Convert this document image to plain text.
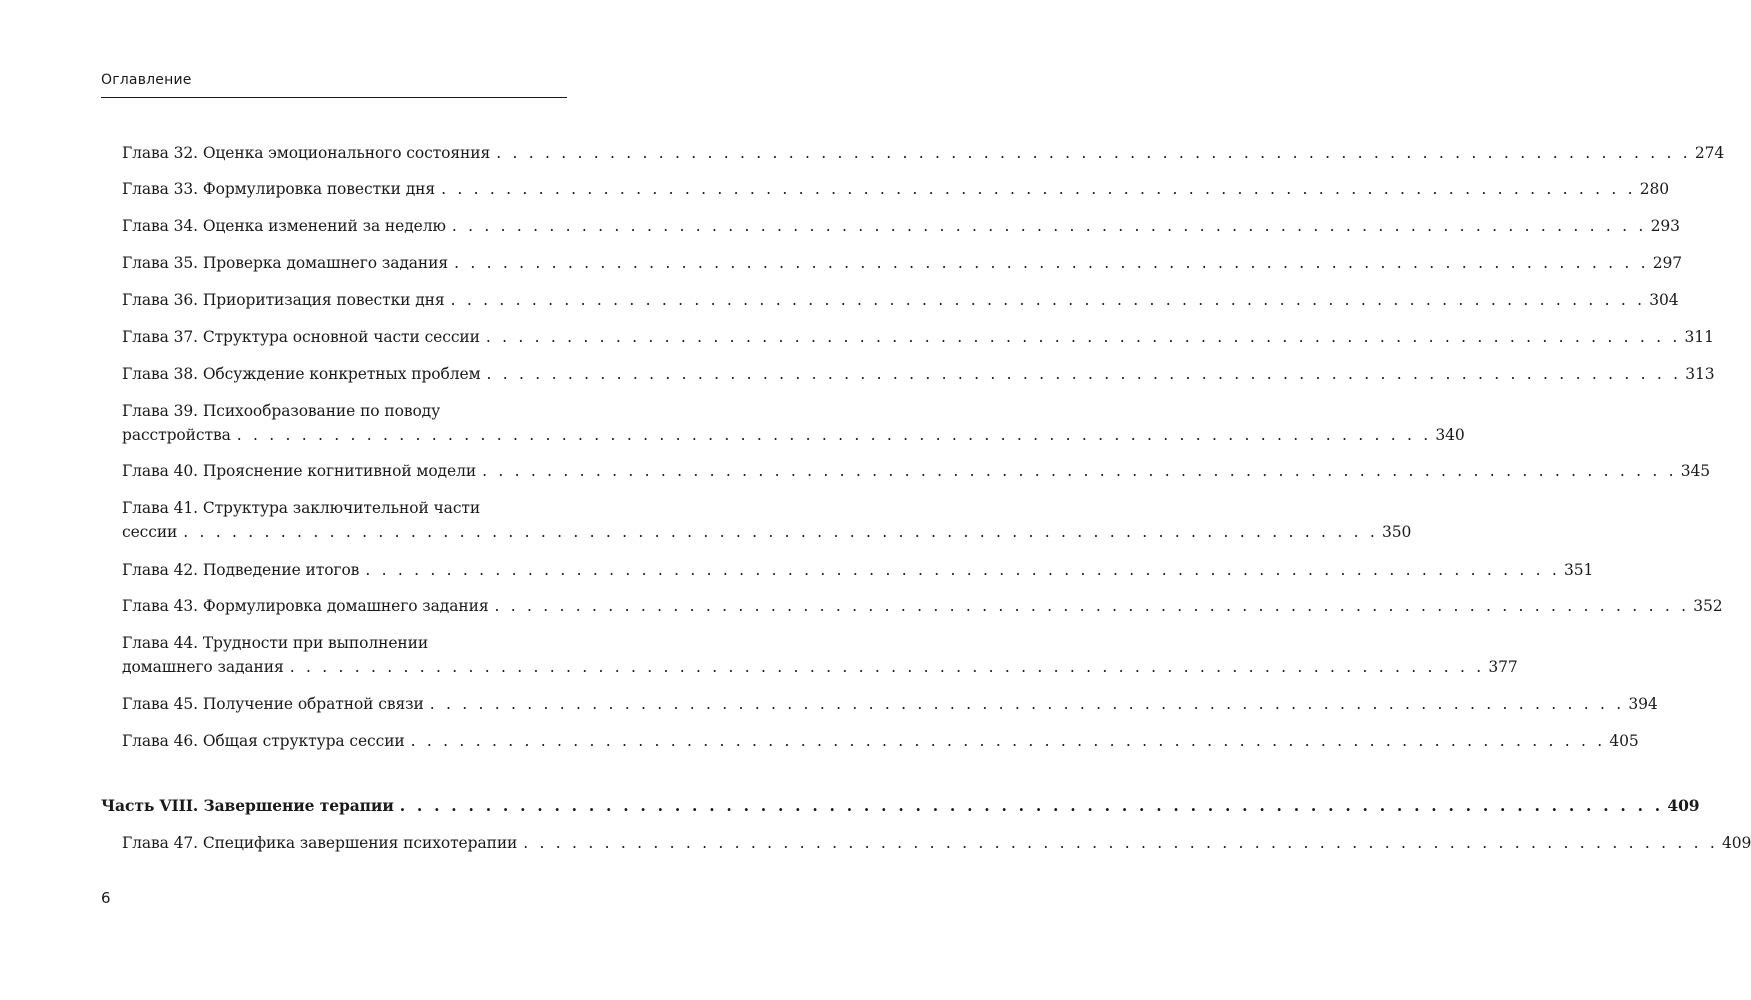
Оглавление
Глава 32. Оценка эмоционального состояния . . . . . . . . . . . . . . . . . . . . . . . . . . . . . . . . . . . . . . . . . . . . . . . . . . . . . . . . . . . . . . . . . . . . . . . . . . 274
Глава 33. Формулировка повестки дня . . . . . . . . . . . . . . . . . . . . . . . . . . . . . . . . . . . . . . . . . . . . . . . . . . . . . . . . . . . . . . . . . . . . . . . . . . 280
Глава 34. Оценка изменений за неделю . . . . . . . . . . . . . . . . . . . . . . . . . . . . . . . . . . . . . . . . . . . . . . . . . . . . . . . . . . . . . . . . . . . . . . . . . . 293
Глава 35. Проверка домашнего задания . . . . . . . . . . . . . . . . . . . . . . . . . . . . . . . . . . . . . . . . . . . . . . . . . . . . . . . . . . . . . . . . . . . . . . . . . . 297
Глава 36. Приоритизация повестки дня . . . . . . . . . . . . . . . . . . . . . . . . . . . . . . . . . . . . . . . . . . . . . . . . . . . . . . . . . . . . . . . . . . . . . . . . . . 304
Глава 37. Структура основной части сессии . . . . . . . . . . . . . . . . . . . . . . . . . . . . . . . . . . . . . . . . . . . . . . . . . . . . . . . . . . . . . . . . . . . . . . . . . . 311
Глава 38. Обсуждение конкретных проблем . . . . . . . . . . . . . . . . . . . . . . . . . . . . . . . . . . . . . . . . . . . . . . . . . . . . . . . . . . . . . . . . . . . . . . . . . . 313
Глава 39. Психообразование по поводу
расстройства . . . . . . . . . . . . . . . . . . . . . . . . . . . . . . . . . . . . . . . . . . . . . . . . . . . . . . . . . . . . . . . . . . . . . . . . . . 340
Глава 40. Прояснение когнитивной модели . . . . . . . . . . . . . . . . . . . . . . . . . . . . . . . . . . . . . . . . . . . . . . . . . . . . . . . . . . . . . . . . . . . . . . . . . . 345
Глава 41. Структура заключительной части
сессии . . . . . . . . . . . . . . . . . . . . . . . . . . . . . . . . . . . . . . . . . . . . . . . . . . . . . . . . . . . . . . . . . . . . . . . . . . 350
Глава 42. Подведение итогов . . . . . . . . . . . . . . . . . . . . . . . . . . . . . . . . . . . . . . . . . . . . . . . . . . . . . . . . . . . . . . . . . . . . . . . . . . 351
Глава 43. Формулировка домашнего задания . . . . . . . . . . . . . . . . . . . . . . . . . . . . . . . . . . . . . . . . . . . . . . . . . . . . . . . . . . . . . . . . . . . . . . . . . . 352
Глава 44. Трудности при выполнении
домашнего задания . . . . . . . . . . . . . . . . . . . . . . . . . . . . . . . . . . . . . . . . . . . . . . . . . . . . . . . . . . . . . . . . . . . . . . . . . . 377
Глава 45. Получение обратной связи . . . . . . . . . . . . . . . . . . . . . . . . . . . . . . . . . . . . . . . . . . . . . . . . . . . . . . . . . . . . . . . . . . . . . . . . . . 394
Глава 46. Общая структура сессии . . . . . . . . . . . . . . . . . . . . . . . . . . . . . . . . . . . . . . . . . . . . . . . . . . . . . . . . . . . . . . . . . . . . . . . . . . 405
Часть VIII. Завершение терапии . . . . . . . . . . . . . . . . . . . . . . . . . . . . . . . . . . . . . . . . . . . . . . . . . . . . . . . . . . . . . . . . . . . . . . . . . . 409
Глава 47. Специфика завершения психотерапии . . . . . . . . . . . . . . . . . . . . . . . . . . . . . . . . . . . . . . . . . . . . . . . . . . . . . . . . . . . . . . . . . . . . . . . . . . 409
6
